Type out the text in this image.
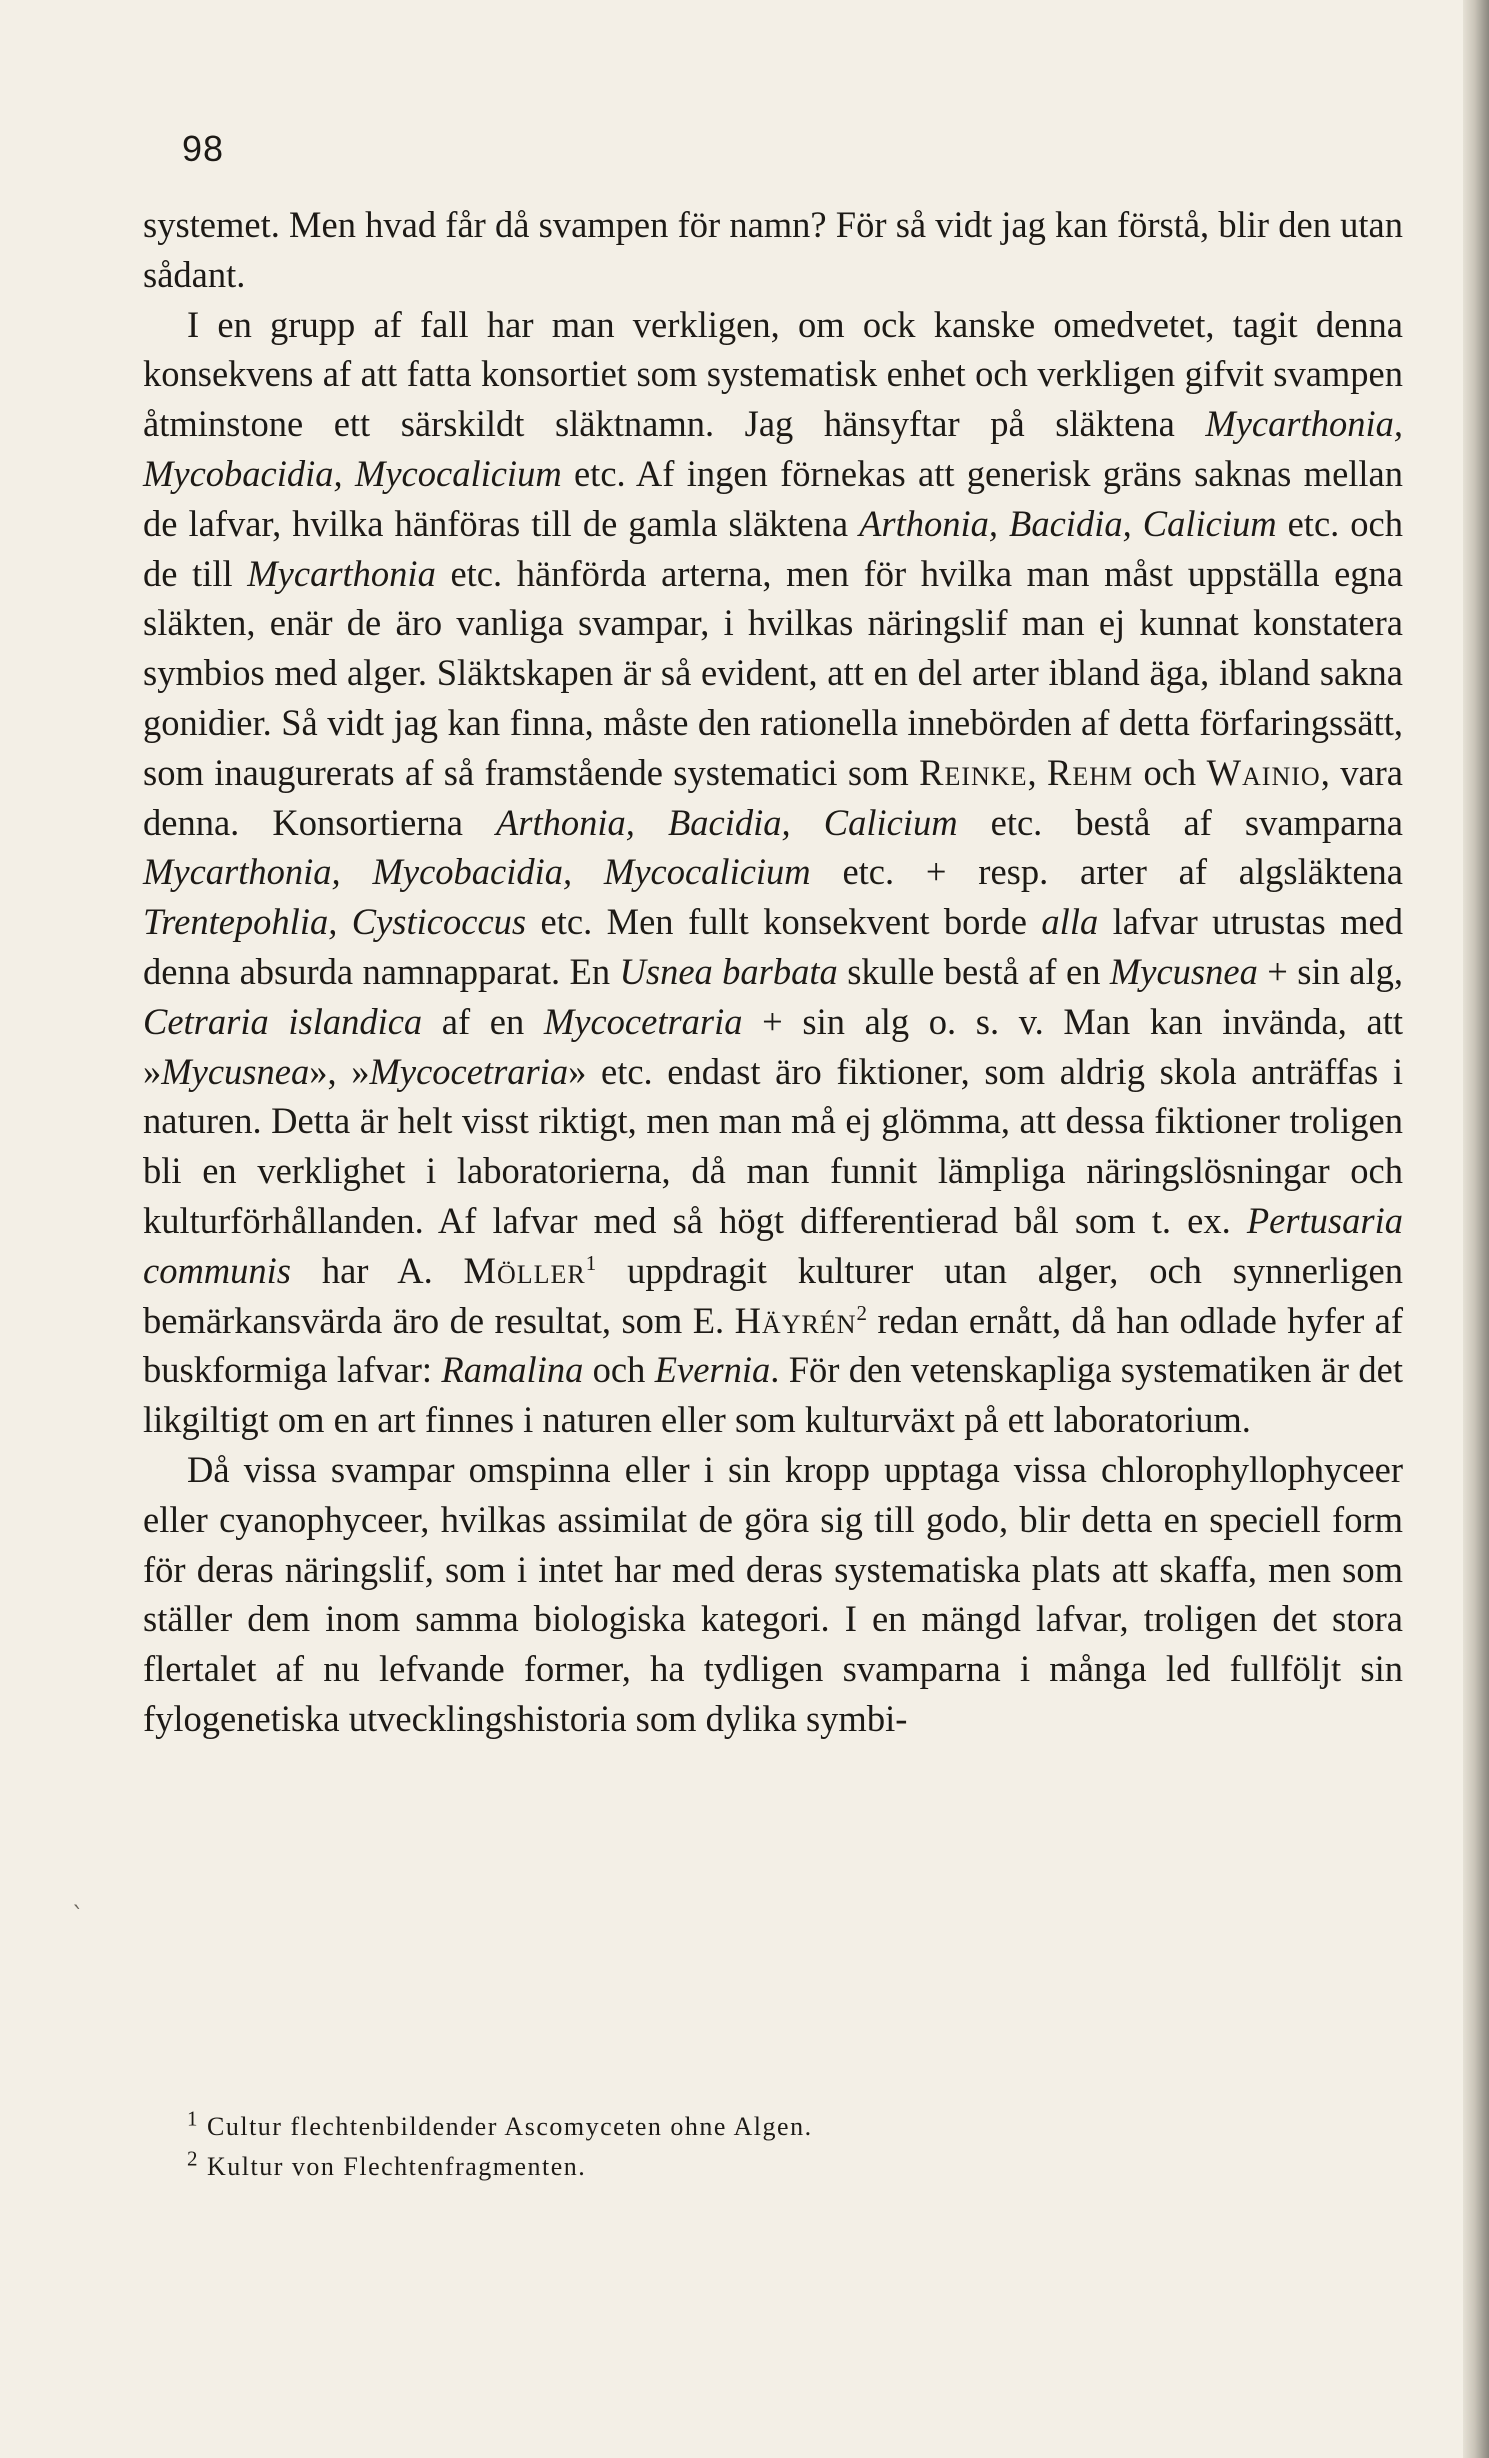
98
`

systemet. Men hvad får då svampen för namn? För så vidt jag kan förstå, blir den utan sådant.

I en grupp af fall har man verkligen, om ock kanske omedvetet, tagit denna konsekvens af att fatta konsortiet som systematisk enhet och verkligen gifvit svampen åtminstone ett särskildt släktnamn. Jag hänsyftar på släktena Mycarthonia, Mycobacidia, Mycocalicium etc. Af ingen förnekas att generisk gräns saknas mellan de lafvar, hvilka hänföras till de gamla släktena Arthonia, Bacidia, Calicium etc. och de till Mycarthonia etc. hänförda arterna, men för hvilka man måst uppställa egna släkten, enär de äro vanliga svampar, i hvilkas näringslif man ej kunnat konstatera symbios med alger. Släktskapen är så evident, att en del arter ibland äga, ibland sakna gonidier. Så vidt jag kan finna, måste den rationella innebörden af detta förfaringssätt, som inaugurerats af så framstående systematici som Reinke, Rehm och Wainio, vara denna. Konsortierna Arthonia, Bacidia, Calicium etc. bestå af svamparna Mycarthonia, Mycobacidia, Mycocalicium etc. + resp. arter af algsläktena Trentepohlia, Cysticoccus etc. Men fullt konsekvent borde alla lafvar utrustas med denna absurda namnapparat. En Usnea barbata skulle bestå af en Mycusnea + sin alg, Cetraria islandica af en Mycocetraria + sin alg o. s. v. Man kan invända, att »Mycusnea», »Mycocetraria» etc. endast äro fiktioner, som aldrig skola anträffas i naturen. Detta är helt visst riktigt, men man må ej glömma, att dessa fiktioner troligen bli en verklighet i laboratorierna, då man funnit lämpliga näringslösningar och kulturförhållanden. Af lafvar med så högt differentierad bål som t. ex. Pertusaria communis har A. Möller$^1$ uppdragit kulturer utan alger, och synnerligen bemärkansvärda äro de resultat, som E. Häyrén$^2$ redan ernått, då han odlade hyfer af buskformiga lafvar: Ramalina och Evernia. För den vetenskapliga systematiken är det likgiltigt om en art finnes i naturen eller som kulturväxt på ett laboratorium.

Då vissa svampar omspinna eller i sin kropp upptaga vissa chlorophyllophyceer eller cyanophyceer, hvilkas assimilat de göra sig till godo, blir detta en speciell form för deras näringslif, som i intet har med deras systematiska plats att skaffa, men som ställer dem inom samma biologiska kategori. I en mängd lafvar, troligen det stora flertalet af nu lefvande former, ha tydligen svamparna i många led fullföljt sin fylogenetiska utvecklingshistoria som dylika symbi-

$^1$ Cultur flechtenbildender Ascomyceten ohne Algen.
$^2$ Kultur von Flechtenfragmenten.
